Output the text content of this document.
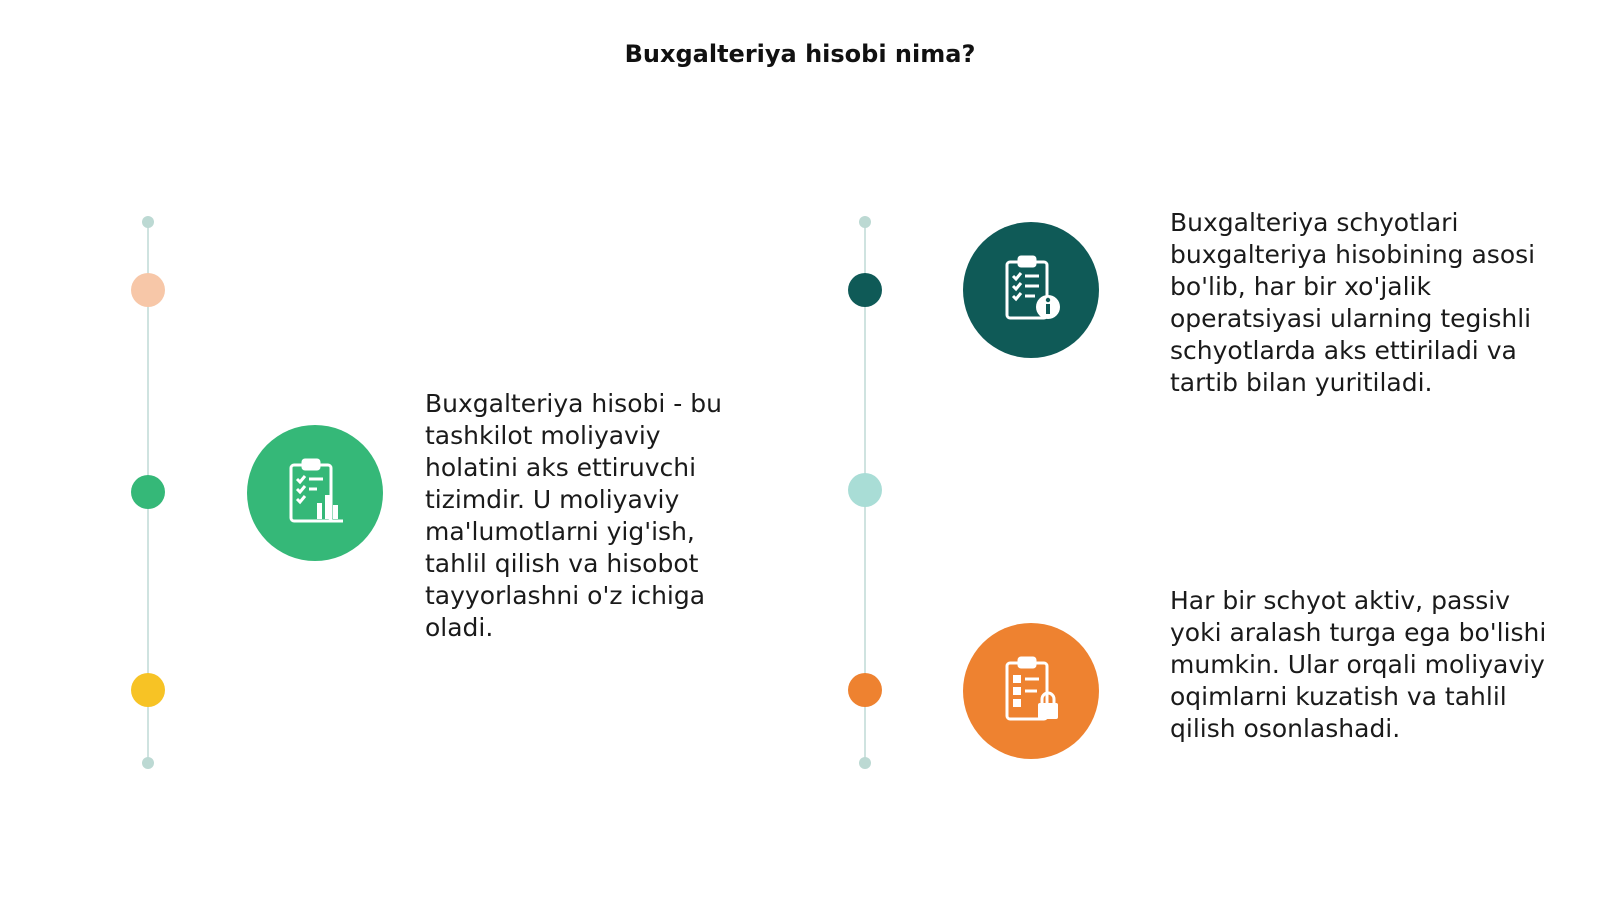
Buxgalteriya hisobi nima?
Buxgalteriya hisobi - bu tashkilot moliyaviy holatini aks ettiruvchi tizimdir. U moliyaviy ma'lumotlarni yig'ish, tahlil qilish va hisobot tayyorlashni o'z ichiga oladi.
Buxgalteriya schyotlari buxgalteriya hisobining asosi bo'lib, har bir xo'jalik operatsiyasi ularning tegishli schyotlarda aks ettiriladi va tartib bilan yuritiladi.
Har bir schyot aktiv, passiv yoki aralash turga ega bo'lishi mumkin. Ular orqali moliyaviy oqimlarni kuzatish va tahlil qilish osonlashadi.
